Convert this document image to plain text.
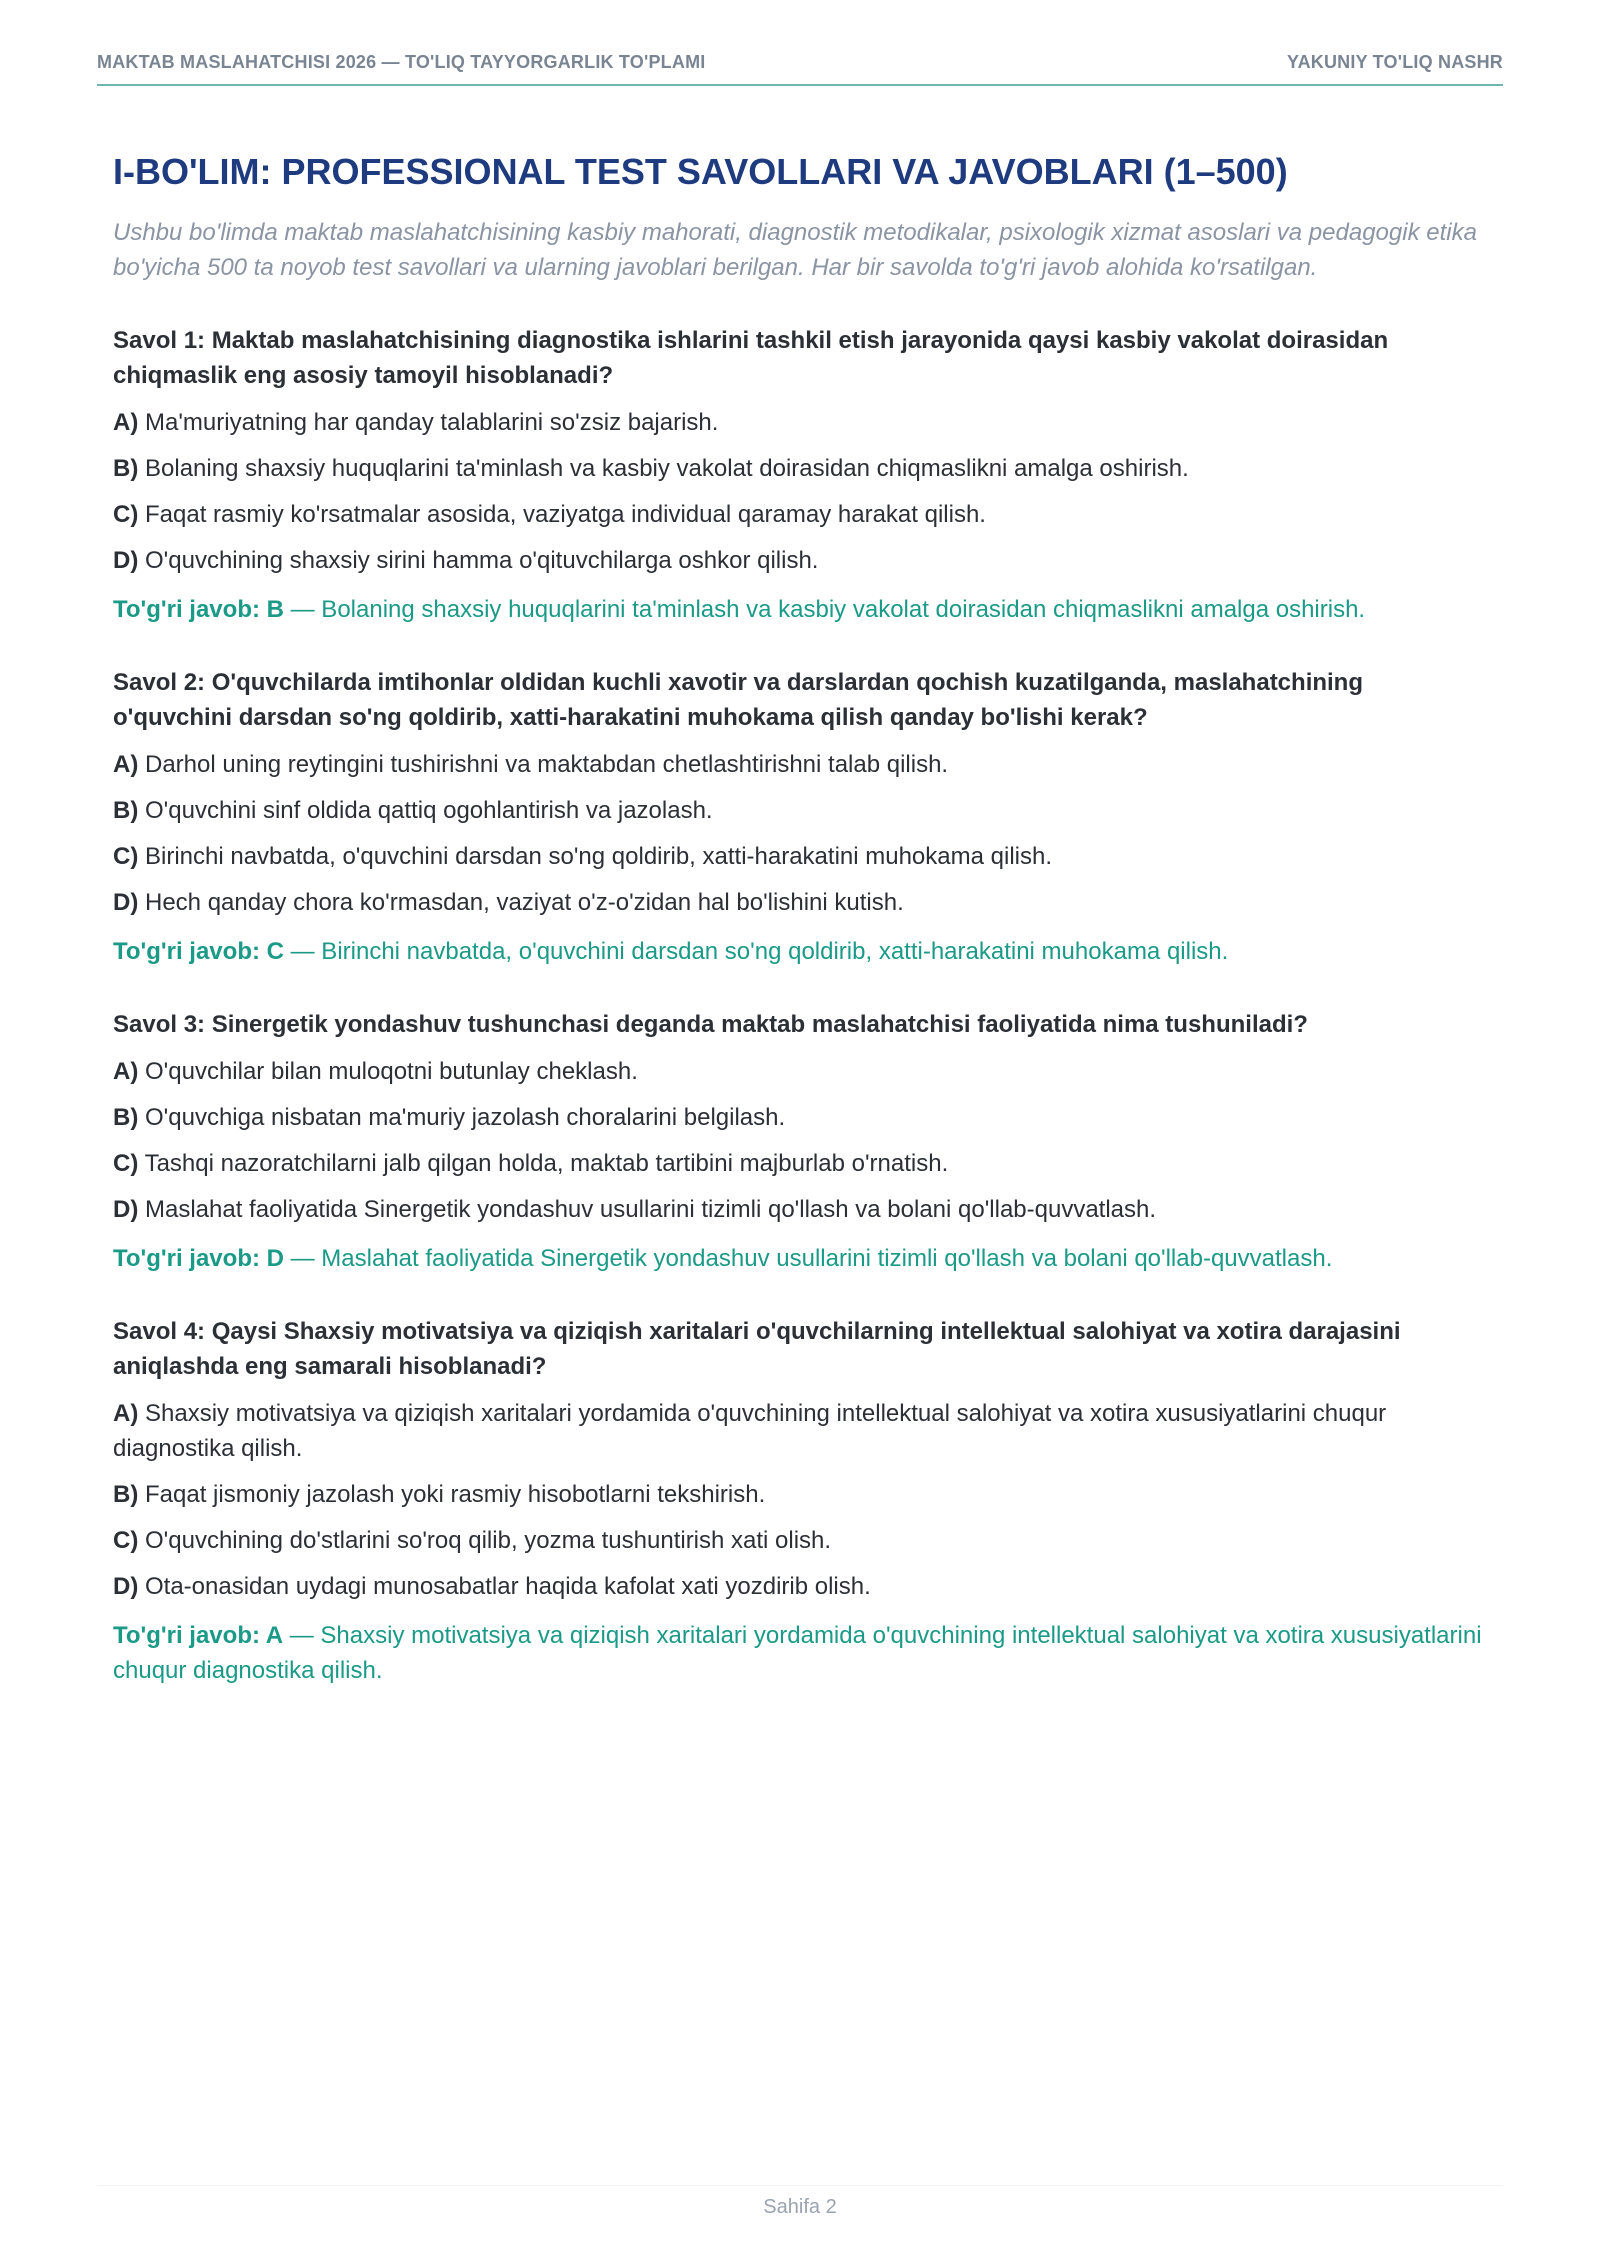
MAKTAB MASLAHATCHISI 2026 — TO'LIQ TAYYORGARLIK TO'PLAMI	YAKUNIY TO'LIQ NASHR
I-BO'LIM: PROFESSIONAL TEST SAVOLLARI VA JAVOBLARI (1–500)

Ushbu bo'limda maktab maslahatchisining kasbiy mahorati, diagnostik metodikalar, psixologik xizmat asoslari va pedagogik etika bo'yicha 500 ta noyob test savollari va ularning javoblari berilgan. Har bir savolda to'g'ri javob alohida ko'rsatilgan.

Savol 1: Maktab maslahatchisining diagnostika ishlarini tashkil etish jarayonida qaysi kasbiy vakolat doirasidan chiqmaslik eng asosiy tamoyil hisoblanadi?

A) Ma'muriyatning har qanday talablarini so'zsiz bajarish.

B) Bolaning shaxsiy huquqlarini ta'minlash va kasbiy vakolat doirasidan chiqmaslikni amalga oshirish.

C) Faqat rasmiy ko'rsatmalar asosida, vaziyatga individual qaramay harakat qilish.

D) O'quvchining shaxsiy sirini hamma o'qituvchilarga oshkor qilish.

To'g'ri javob: B — Bolaning shaxsiy huquqlarini ta'minlash va kasbiy vakolat doirasidan chiqmaslikni amalga oshirish.

Savol 2: O'quvchilarda imtihonlar oldidan kuchli xavotir va darslardan qochish kuzatilganda, maslahatchining o'quvchini darsdan so'ng qoldirib, xatti-harakatini muhokama qilish qanday bo'lishi kerak?

A) Darhol uning reytingini tushirishni va maktabdan chetlashtirishni talab qilish.

B) O'quvchini sinf oldida qattiq ogohlantirish va jazolash.

C) Birinchi navbatda, o'quvchini darsdan so'ng qoldirib, xatti-harakatini muhokama qilish.

D) Hech qanday chora ko'rmasdan, vaziyat o'z-o'zidan hal bo'lishini kutish.

To'g'ri javob: C — Birinchi navbatda, o'quvchini darsdan so'ng qoldirib, xatti-harakatini muhokama qilish.

Savol 3: Sinergetik yondashuv tushunchasi deganda maktab maslahatchisi faoliyatida nima tushuniladi?

A) O'quvchilar bilan muloqotni butunlay cheklash.

B) O'quvchiga nisbatan ma'muriy jazolash choralarini belgilash.

C) Tashqi nazoratchilarni jalb qilgan holda, maktab tartibini majburlab o'rnatish.

D) Maslahat faoliyatida Sinergetik yondashuv usullarini tizimli qo'llash va bolani qo'llab-quvvatlash.

To'g'ri javob: D — Maslahat faoliyatida Sinergetik yondashuv usullarini tizimli qo'llash va bolani qo'llab-quvvatlash.

Savol 4: Qaysi Shaxsiy motivatsiya va qiziqish xaritalari o'quvchilarning intellektual salohiyat va xotira darajasini aniqlashda eng samarali hisoblanadi?

A) Shaxsiy motivatsiya va qiziqish xaritalari yordamida o'quvchining intellektual salohiyat va xotira xususiyatlarini chuqur diagnostika qilish.

B) Faqat jismoniy jazolash yoki rasmiy hisobotlarni tekshirish.

C) O'quvchining do'stlarini so'roq qilib, yozma tushuntirish xati olish.

D) Ota-onasidan uydagi munosabatlar haqida kafolat xati yozdirib olish.

To'g'ri javob: A — Shaxsiy motivatsiya va qiziqish xaritalari yordamida o'quvchining intellektual salohiyat va xotira xususiyatlarini chuqur diagnostika qilish.

Sahifa 2
